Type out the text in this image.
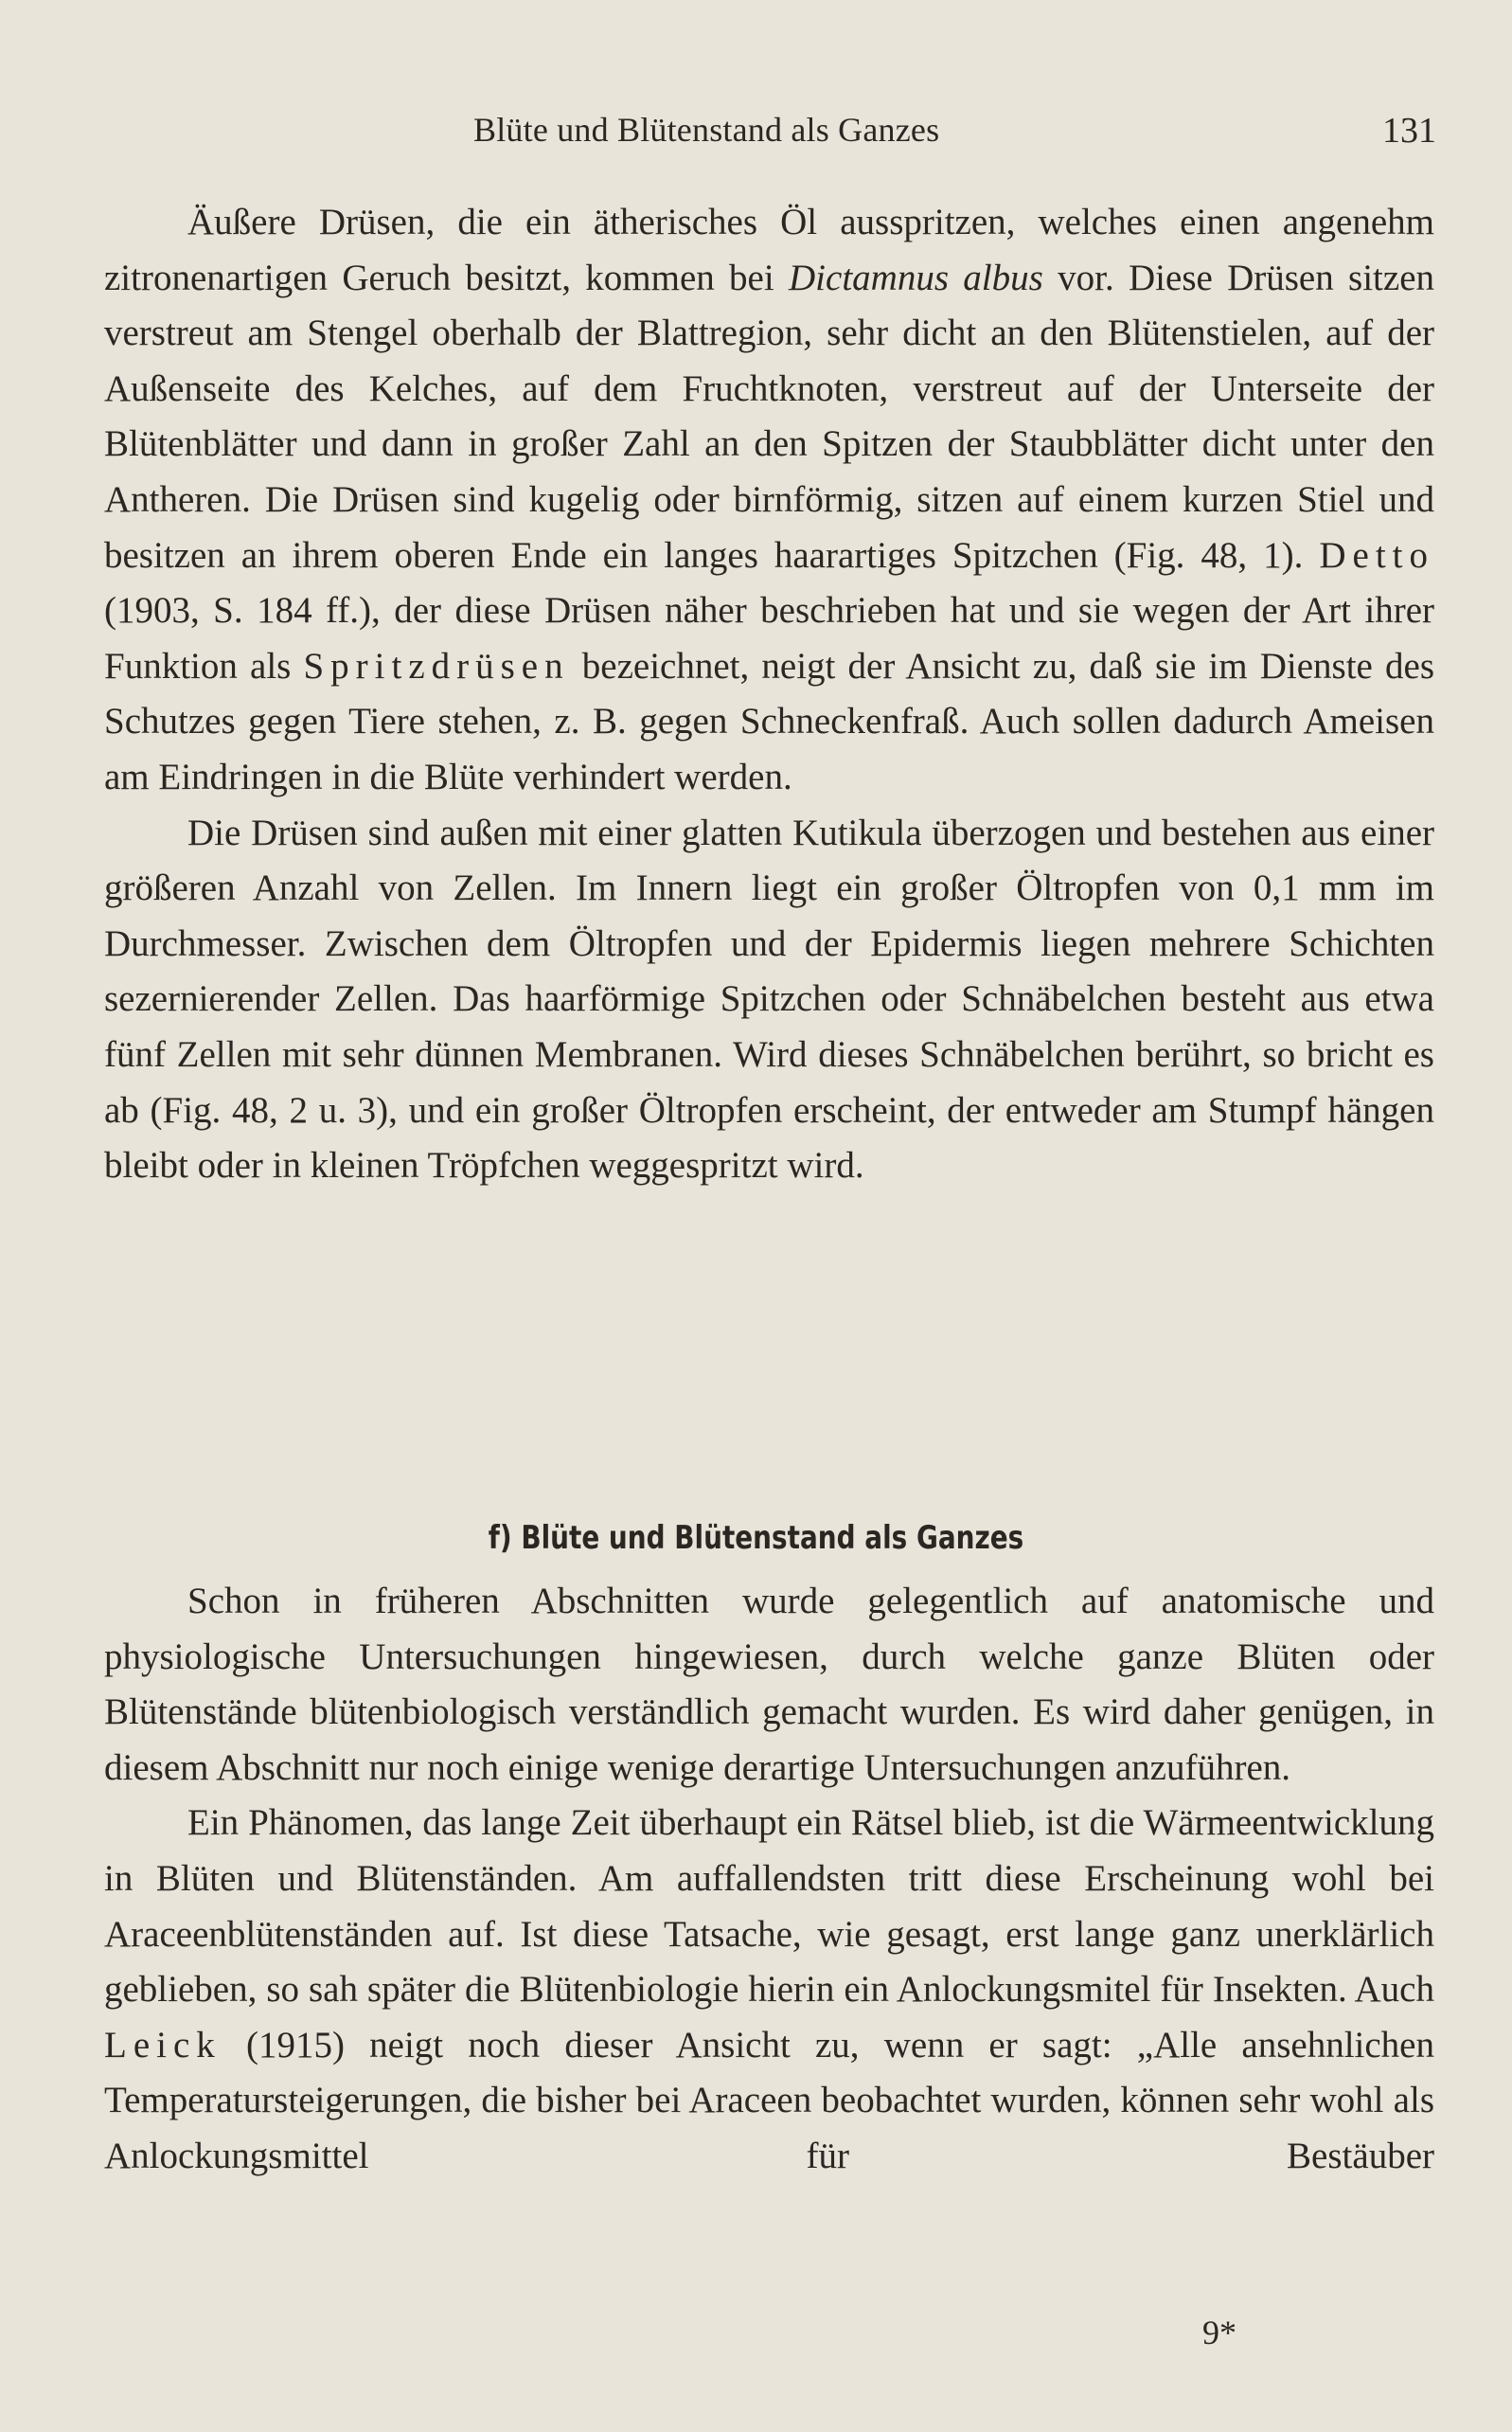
Blüte und Blütenstand als Ganzes	131

Äußere Drüsen, die ein ätherisches Öl ausspritzen, welches einen angenehm zitronenartigen Geruch besitzt, kommen bei Dictamnus albus vor. Diese Drüsen sitzen verstreut am Stengel oberhalb der Blattregion, sehr dicht an den Blütenstielen, auf der Außenseite des Kelches, auf dem Fruchtknoten, verstreut auf der Unterseite der Blütenblätter und dann in großer Zahl an den Spitzen der Staubblätter dicht unter den Antheren. Die Drüsen sind kugelig oder birnförmig, sitzen auf einem kurzen Stiel und besitzen an ihrem oberen Ende ein langes haarartiges Spitzchen (Fig. 48, 1). Detto (1903, S. 184 ff.), der diese Drüsen näher beschrieben hat und sie wegen der Art ihrer Funktion als Spritzdrüsen bezeichnet, neigt der Ansicht zu, daß sie im Dienste des Schutzes gegen Tiere stehen, z. B. gegen Schneckenfraß. Auch sollen dadurch Ameisen am Eindringen in die Blüte verhindert werden.

Die Drüsen sind außen mit einer glatten Kutikula überzogen und bestehen aus einer größeren Anzahl von Zellen. Im Innern liegt ein großer Öltropfen von 0,1 mm im Durchmesser. Zwischen dem Öltropfen und der Epidermis liegen mehrere Schichten sezernierender Zellen. Das haarförmige Spitzchen oder Schnäbelchen besteht aus etwa fünf Zellen mit sehr dünnen Membranen. Wird dieses Schnäbelchen berührt, so bricht es ab (Fig. 48, 2 u. 3), und ein großer Öltropfen erscheint, der entweder am Stumpf hängen bleibt oder in kleinen Tröpfchen weggespritzt wird.

f) Blüte und Blütenstand als Ganzes

Schon in früheren Abschnitten wurde gelegentlich auf anatomische und physiologische Untersuchungen hingewiesen, durch welche ganze Blüten oder Blütenstände blütenbiologisch verständlich gemacht wurden. Es wird daher genügen, in diesem Abschnitt nur noch einige wenige derartige Untersuchungen anzuführen.

Ein Phänomen, das lange Zeit überhaupt ein Rätsel blieb, ist die Wärmeentwicklung in Blüten und Blütenständen. Am auffallendsten tritt diese Erscheinung wohl bei Araceenblütenständen auf. Ist diese Tatsache, wie gesagt, erst lange ganz unerklärlich geblieben, so sah später die Blütenbiologie hierin ein Anlockungsmitel für Insekten. Auch Leick (1915) neigt noch dieser Ansicht zu, wenn er sagt: „Alle ansehnlichen Temperatursteigerungen, die bisher bei Araceen beobachtet wurden, können sehr wohl als Anlockungsmittel für Bestäuber

9*
